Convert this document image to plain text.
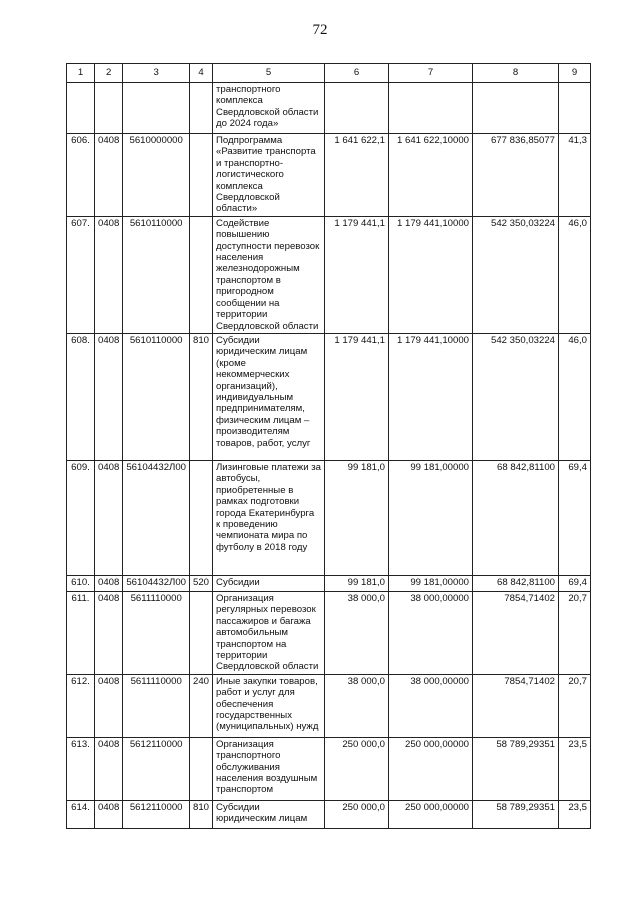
72
1	2	3	4	5	6	7	8	9
				транспортного комплекса Свердловской области до 2024 года»				
606.	0408	5610000000		Подпрограмма «Развитие транспорта и транспортно-логистического комплекса Свердловской области»	1 641 622,1	1 641 622,10000	677 836,85077	41,3
607.	0408	5610110000		Содействие повышению доступности перевозок населения железнодорожным транспортом в пригородном сообщении на территории Свердловской области	1 179 441,1	1 179 441,10000	542 350,03224	46,0
608.	0408	5610110000	810	Субсидии юридическим лицам (кроме некоммерческих организаций), индивидуальным предпринимателям, физическим лицам – производителям товаров, работ, услуг	1 179 441,1	1 179 441,10000	542 350,03224	46,0
609.	0408	56104432Л00		Лизинговые платежи за автобусы, приобретенные в рамках подготовки города Екатеринбурга к проведению чемпионата мира по футболу в 2018 году	99 181,0	99 181,00000	68 842,81100	69,4
610.	0408	56104432Л00	520	Субсидии	99 181,0	99 181,00000	68 842,81100	69,4
611.	0408	5611110000		Организация регулярных перевозок пассажиров и багажа автомобильным транспортом на территории Свердловской области	38 000,0	38 000,00000	7854,71402	20,7
612.	0408	5611110000	240	Иные закупки товаров, работ и услуг для обеспечения государственных (муниципальных) нужд	38 000,0	38 000,00000	7854,71402	20,7
613.	0408	5612110000		Организация транспортного обслуживания населения воздушным транспортом	250 000,0	250 000,00000	58 789,29351	23,5
614.	0408	5612110000	810	Субсидии юридическим лицам	250 000,0	250 000,00000	58 789,29351	23,5
